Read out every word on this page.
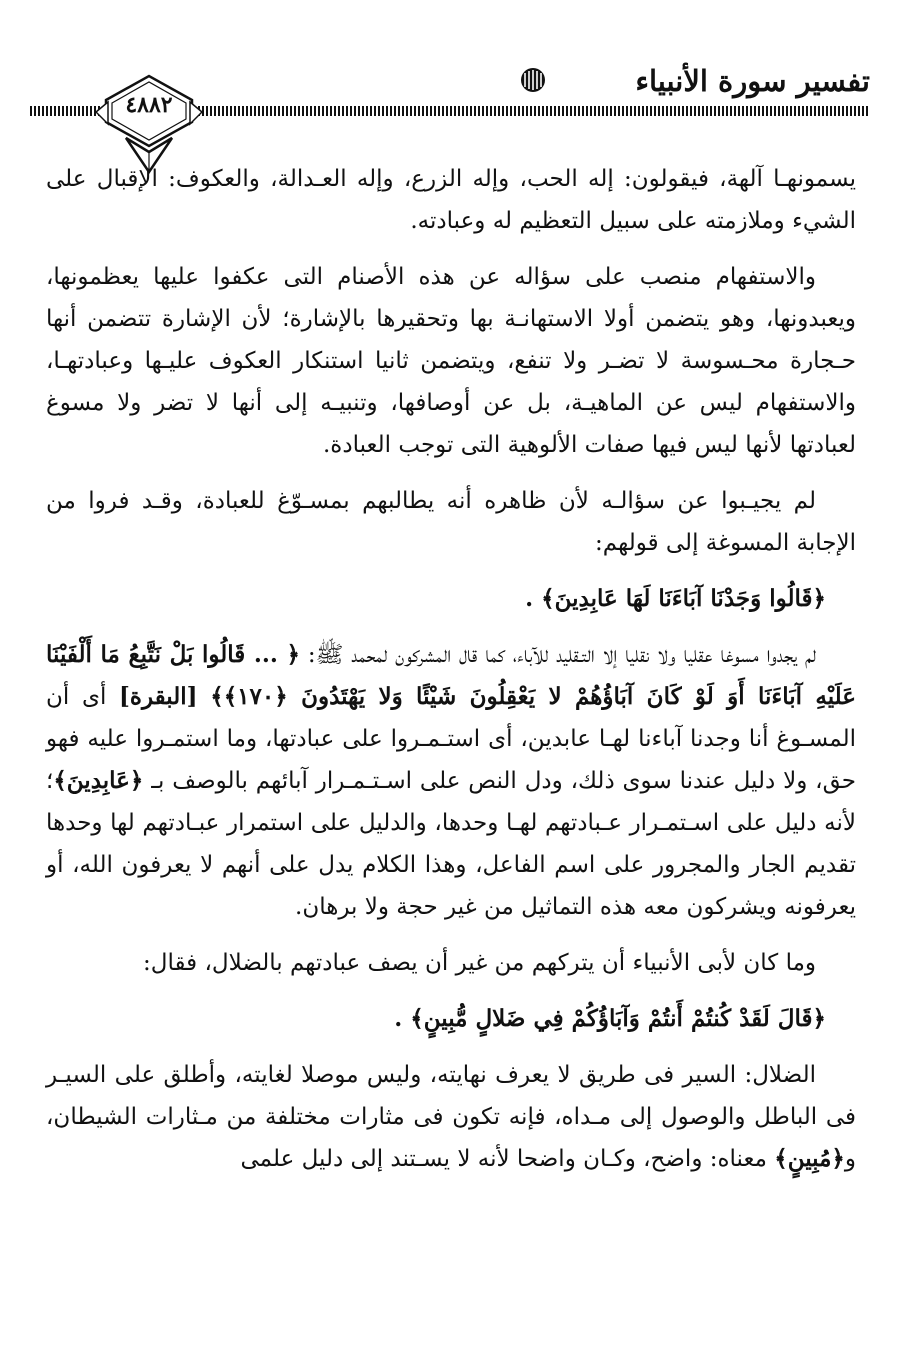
تفسير سورة الأنبياء
٤٨٨٢

يسمونهـا آلهة، فيقولون: إله الحب، وإله الزرع، وإله العـدالة، والعكوف: الإقبال على الشيء وملازمته على سبيل التعظيم له وعبادته.

والاستفهام منصب على سؤاله عن هذه الأصنام التى عكفوا عليها يعظمونها، ويعبدونها، وهو يتضمن أولا الاستهانـة بها وتحقيرها بالإشارة؛ لأن الإشارة تتضمن أنها حـجارة محـسوسة لا تضـر ولا تنفع، ويتضمن ثانيا استنكار العكوف عليـها وعبادتهـا، والاستفهام ليس عن الماهيـة، بل عن أوصافها، وتنبيـه إلى أنها لا تضر ولا مسوغ لعبادتها لأنها ليس فيها صفات الألوهية التى توجب العبادة.

لم يجيـبوا عن سؤالـه لأن ظاهره أنه يطالبهم بمسـوّغ للعبادة، وقـد فروا من الإجابة المسوغة إلى قولهم:

﴿قَالُوا وَجَدْنَا آبَاءَنَا لَهَا عَابِدِينَ﴾ .

لم يجدوا مسوغا عقليا ولا نقليا إلا التـقليد للآباء، كما قال المشركون لمحمد ﷺ: ﴿ ... قَالُوا بَلْ نَتَّبِعُ مَا أَلْفَيْنَا عَلَيْهِ آبَاءَنَا أَوَ لَوْ كَانَ آبَاؤُهُمْ لا يَعْقِلُونَ شَيْئًا وَلا يَهْتَدُونَ ﴿١٧٠﴾﴾ [البقرة] أى أن المسـوغ أنا وجدنا آباءنا لهـا عابدين، أى استـمـروا على عبادتها، وما استمـروا عليه فهو حق، ولا دليل عندنا سوى ذلك، ودل النص على اسـتـمـرار آبائهم بالوصف بـ ﴿عَابِدِينَ﴾؛ لأنه دليل على اسـتمـرار عـبادتهم لهـا وحدها، والدليل على استمرار عبـادتهم لها وحدها تقديم الجار والمجرور على اسم الفاعل، وهذا الكلام يدل على أنهم لا يعرفون الله، أو يعرفونه ويشركون معه هذه التماثيل من غير حجة ولا برهان.

وما كان لأبى الأنبياء أن يتركهم من غير أن يصف عبادتهم بالضلال، فقال:

﴿قَالَ لَقَدْ كُنتُمْ أَنتُمْ وَآبَاؤُكُمْ فِي ضَلالٍ مُّبِينٍ﴾ .

الضلال: السير فى طريق لا يعرف نهايته، وليس موصلا لغايته، وأطلق على السيـر فى الباطل والوصول إلى مـداه، فإنه تكون فى مثارات مختلفة من مـثارات الشيطان، و﴿مُبِينٍ﴾ معناه: واضح، وكـان واضحا لأنه لا يسـتند إلى دليل علمى
